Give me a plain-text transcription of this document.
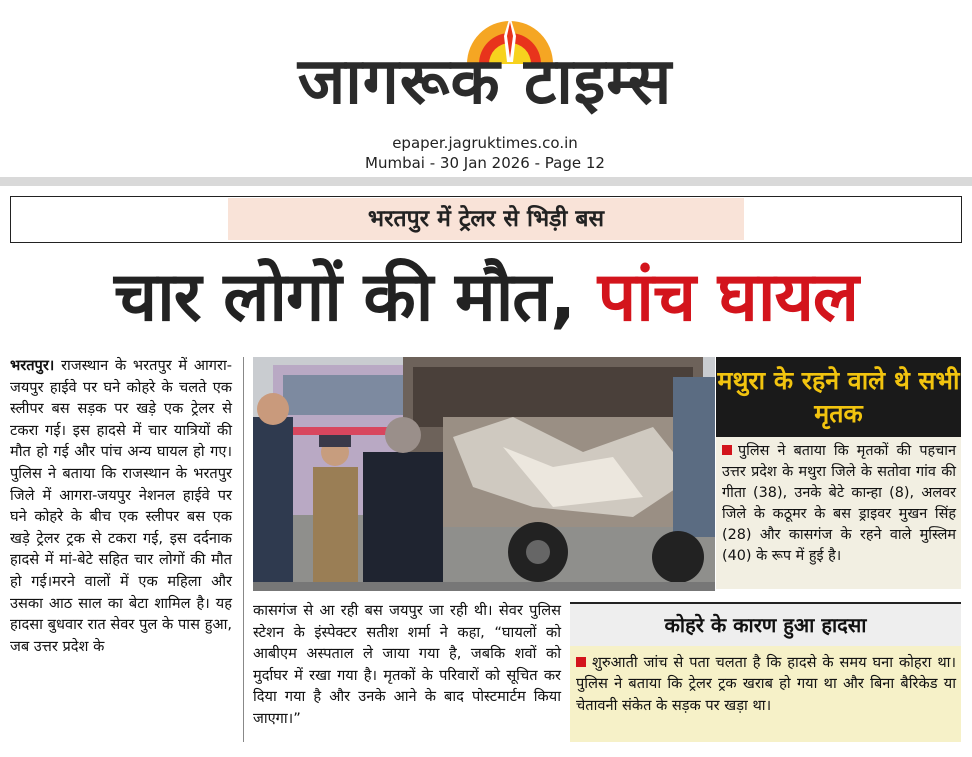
जागरूक टाइम्स
epaper.jagruktimes.co.in
Mumbai - 30 Jan 2026 - Page 12
भरतपुर में ट्रेलर से भिड़ी बस
चार लोगों की मौत, पांच घायल
भरतपुर। राजस्थान के भरतपुर में आगरा-जयपुर हाईवे पर घने कोहरे के चलते एक स्लीपर बस सड़क पर खड़े एक ट्रेलर से टकरा गई। इस हादसे में चार यात्रियों की मौत हो गई और पांच अन्य घायल हो गए। पुलिस ने बताया कि राजस्थान के भरतपुर जिले में आगरा-जयपुर नेशनल हाईवे पर घने कोहरे के बीच एक स्लीपर बस एक खड़े ट्रेलर ट्रक से टकरा गई, इस दर्दनाक हादसे में मां-बेटे सहित चार लोगों की मौत हो गई।मरने वालों में एक महिला और उसका आठ साल का बेटा शामिल है। यह हादसा बुधवार रात सेवर पुल के पास हुआ, जब उत्तर प्रदेश के
मथुरा के रहने वाले थे सभी मृतक
पुलिस ने बताया कि मृतकों की पहचान उत्तर प्रदेश के मथुरा जिले के सतोवा गांव की गीता (38), उनके बेटे कान्हा (8), अलवर जिले के कठूमर के बस ड्राइवर मुखन सिंह (28) और कासगंज के रहने वाले मुस्लिम (40) के रूप में हुई है।
कासगंज से आ रही बस जयपुर जा रही थी। सेवर पुलिस स्टेशन के इंस्पेक्टर सतीश शर्मा ने कहा, “घायलों को आबीएम अस्पताल ले जाया गया है, जबकि शवों को मुर्दाघर में रखा गया है। मृतकों के परिवारों को सूचित कर दिया गया है और उनके आने के बाद पोस्टमार्टम किया जाएगा।”
कोहरे के कारण हुआ हादसा
शुरुआती जांच से पता चलता है कि हादसे के समय घना कोहरा था। पुलिस ने बताया कि ट्रेलर ट्रक खराब हो गया था और बिना बैरिकेड या चेतावनी संकेत के सड़क पर खड़ा था।
